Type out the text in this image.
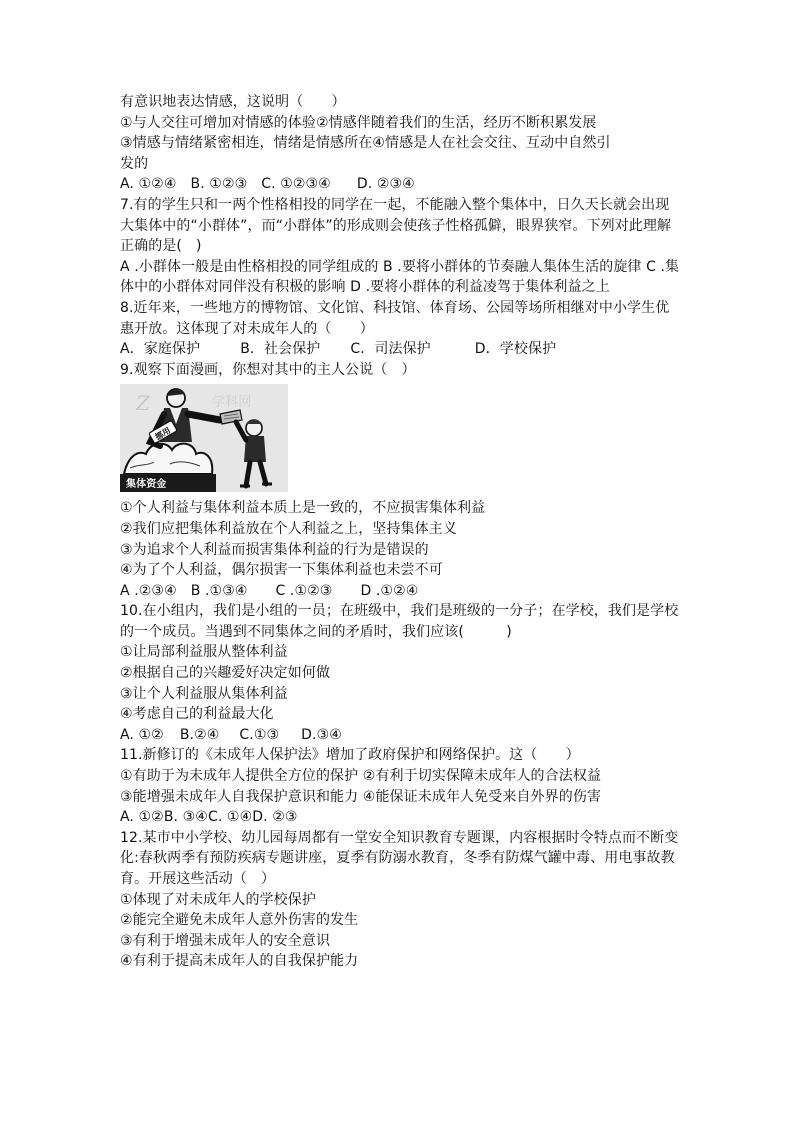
有意识地表达情感，这说明（　　）
①与人交往可增加对情感的体验②情感伴随着我们的生活，经历不断积累发展
③情感与情绪紧密相连，情绪是情感所在④情感是人在社会交往、互动中自然引
发的
A. ①②④ B. ①②③ C. ①②③④ D. ②③④
7.有的学生只和一两个性格相投的同学在一起，不能融入整个集体中，日久天长就会出现大集体中的“小群体”，而“小群体”的形成则会使孩子性格孤僻，眼界狭窄。下列对此理解正确的是(　)
A .小群体一般是由性格相投的同学组成的 B .要将小群体的节奏融人集体生活的旋律 C .集体中的小群体对同伴没有积极的影响 D .要将小群体的利益凌驾于集体利益之上
8.近年来，一些地方的博物馆、文化馆、科技馆、体育场、公园等场所相继对中小学生优惠开放。这体现了对未成年人的（　　）
A．家庭保护	B．社会保护 C．司法保护	D．学校保护
9.观察下面漫画，你想对其中的主人公说（　）
Z	学科网
集体资金
挪用
①个人利益与集体利益本质上是一致的，不应损害集体利益
②我们应把集体利益放在个人利益之上，坚持集体主义
③为追求个人利益而损害集体利益的行为是错误的
④为了个人利益，偶尔损害一下集体利益也未尝不可
A .②③④ B .①③④ C .①②③ D .①②④
10.在小组内，我们是小组的一员；在班级中，我们是班级的一分子；在学校，我们是学校的一个成员。当遇到不同集体之间的矛盾时，我们应该(　　　)
①让局部利益服从整体利益
②根据自己的兴趣爱好决定如何做
③让个人利益服从集体利益
④考虑自己的利益最大化
A. ①② B.②④ C.①③ D.③④
11.新修订的《未成年人保护法》增加了政府保护和网络保护。这（　　）
①有助于为未成年人提供全方位的保护 ②有利于切实保障未成年人的合法权益
③能增强未成年人自我保护意识和能力 ④能保证未成年人免受来自外界的伤害
A. ①②B. ③④C. ①④D. ②③
12.某市中小学校、幼儿园每周都有一堂安全知识教育专题课，内容根据时令特点而不断变化:春秋两季有预防疾病专题讲座，夏季有防溺水教育，冬季有防煤气罐中毒、用电事故教育。开展这些活动（　）
①体现了对未成年人的学校保护
②能完全避免未成年人意外伤害的发生
③有利于增强未成年人的安全意识
④有利于提高未成年人的自我保护能力
